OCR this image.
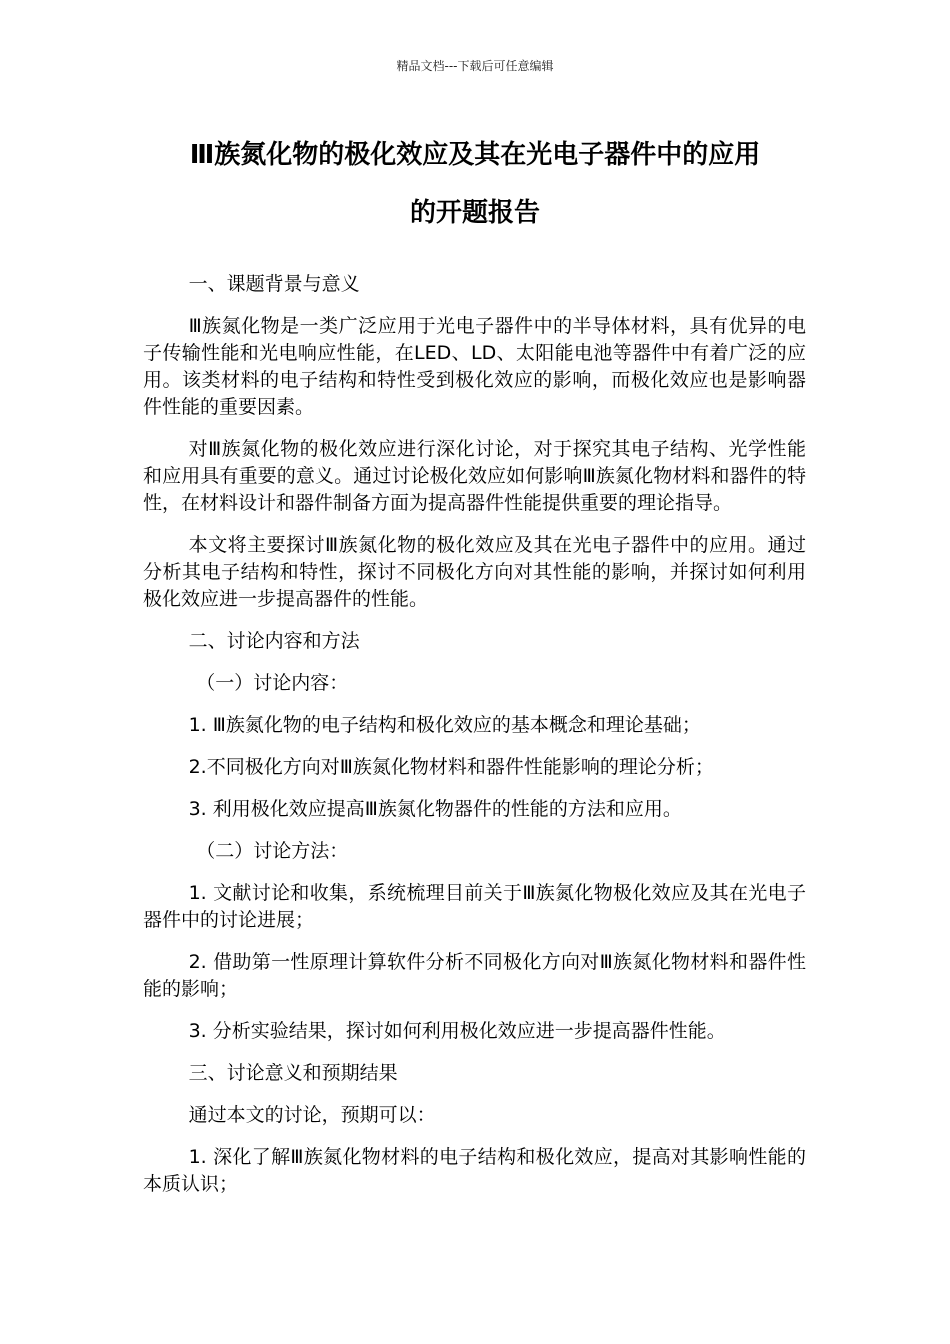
精品文档---下载后可任意编辑
Ⅲ族氮化物的极化效应及其在光电子器件中的应用
的开题报告

一、课题背景与意义

Ⅲ族氮化物是一类广泛应用于光电子器件中的半导体材料，具有优异的电子传输性能和光电响应性能，在LED、LD、太阳能电池等器件中有着广泛的应用。该类材料的电子结构和特性受到极化效应的影响，而极化效应也是影响器件性能的重要因素。

对Ⅲ族氮化物的极化效应进行深化讨论，对于探究其电子结构、光学性能和应用具有重要的意义。通过讨论极化效应如何影响Ⅲ族氮化物材料和器件的特性，在材料设计和器件制备方面为提高器件性能提供重要的理论指导。

本文将主要探讨Ⅲ族氮化物的极化效应及其在光电子器件中的应用。通过分析其电子结构和特性，探讨不同极化方向对其性能的影响，并探讨如何利用极化效应进一步提高器件的性能。

二、讨论内容和方法

（一）讨论内容：

1. Ⅲ族氮化物的电子结构和极化效应的基本概念和理论基础；

2.不同极化方向对Ⅲ族氮化物材料和器件性能影响的理论分析；

3. 利用极化效应提高Ⅲ族氮化物器件的性能的方法和应用。

（二）讨论方法：

1. 文献讨论和收集，系统梳理目前关于Ⅲ族氮化物极化效应及其在光电子器件中的讨论进展；

2. 借助第一性原理计算软件分析不同极化方向对Ⅲ族氮化物材料和器件性能的影响；

3. 分析实验结果，探讨如何利用极化效应进一步提高器件性能。

三、讨论意义和预期结果

通过本文的讨论，预期可以：

1. 深化了解Ⅲ族氮化物材料的电子结构和极化效应，提高对其影响性能的本质认识；
